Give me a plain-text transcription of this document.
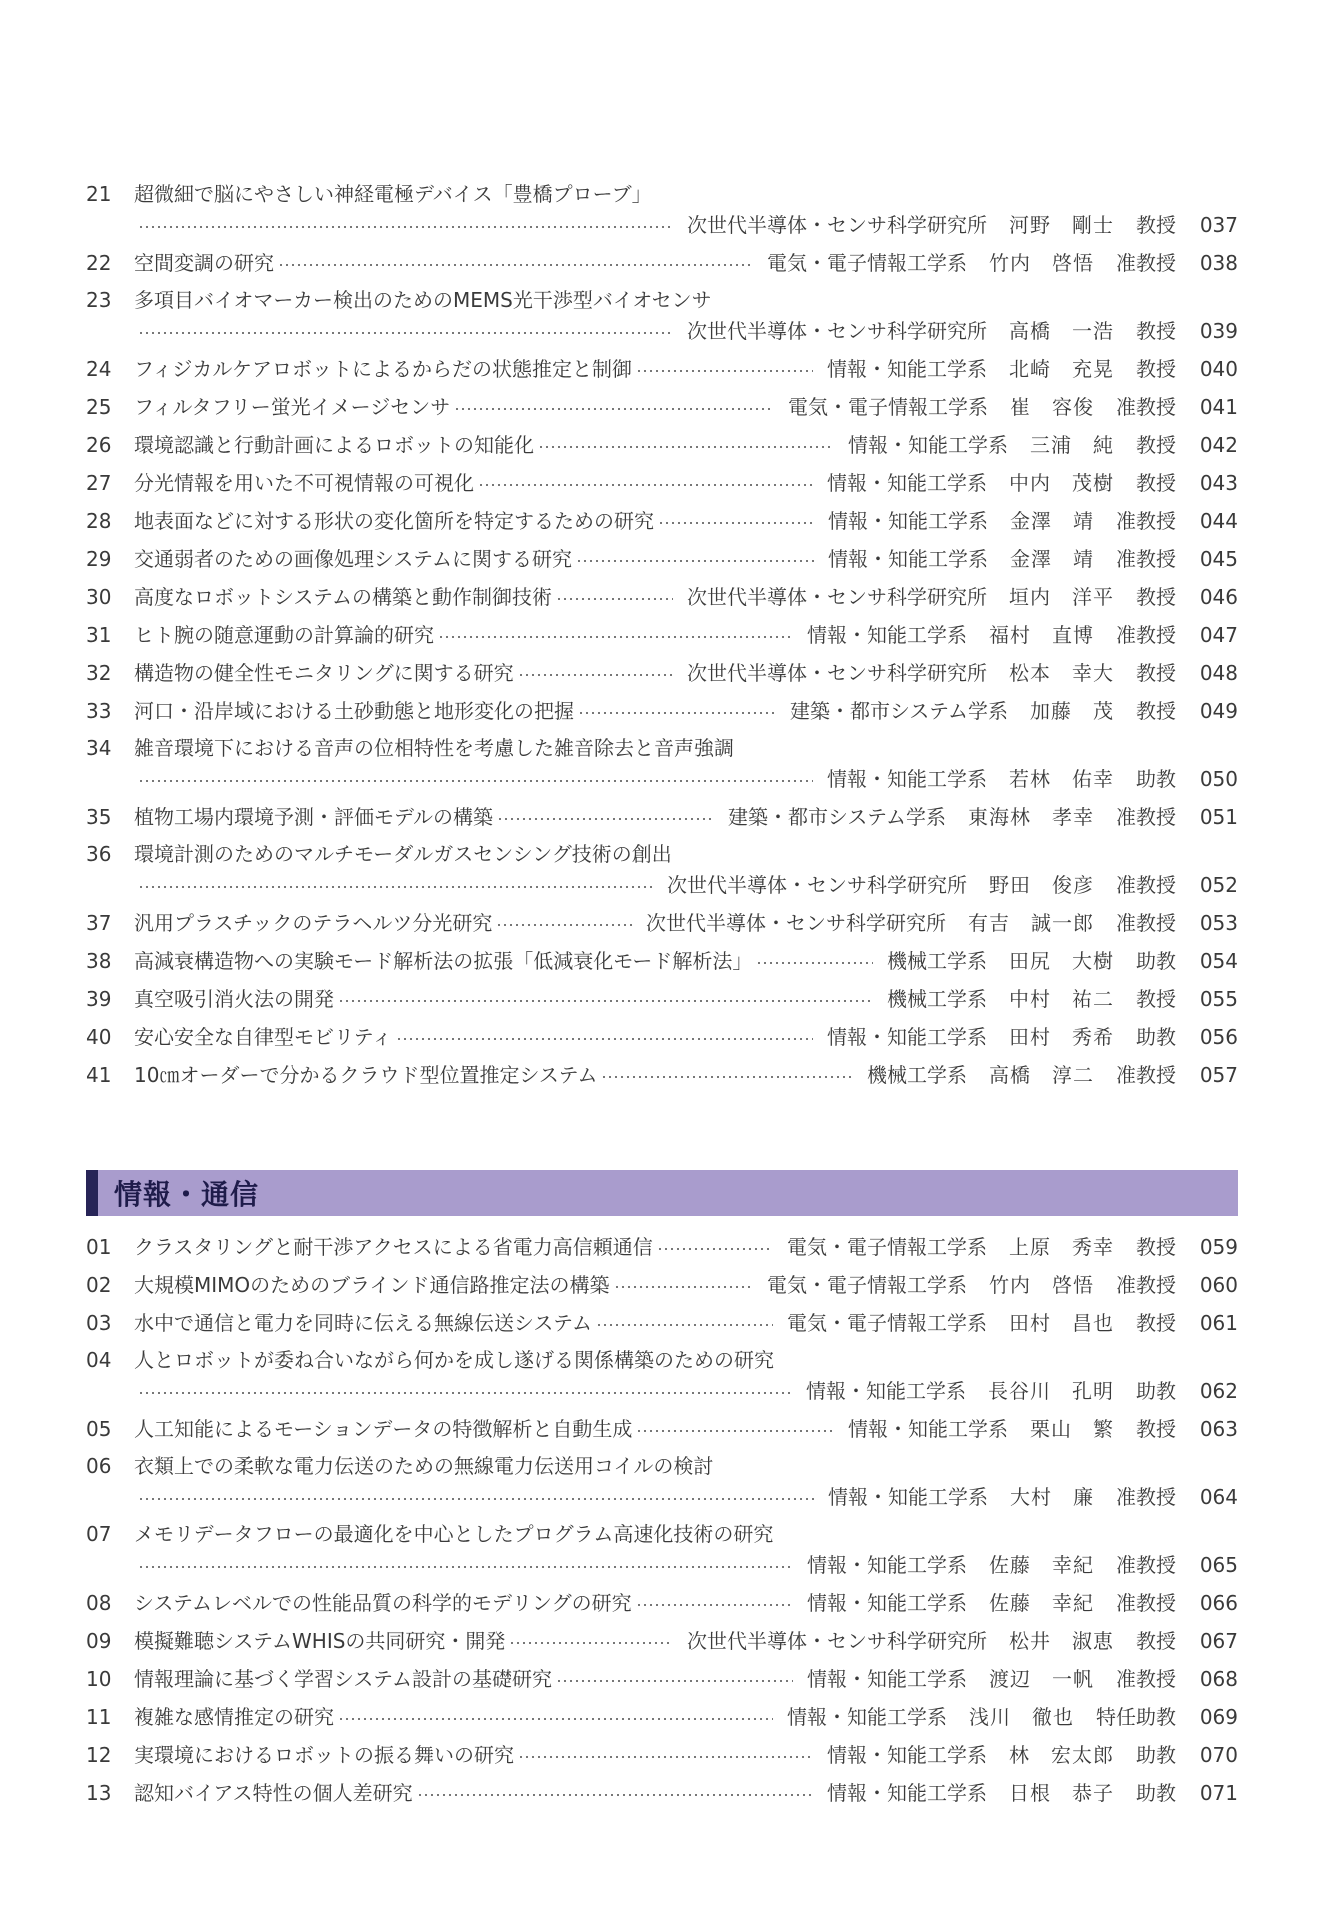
21	超微細で脳にやさしい神経電極デバイス「豊橋プローブ」
次世代半導体・センサ科学研究所 河野　剛士 教授 037
22	空間変調の研究	電気・電子情報工学系 竹内　啓悟 准教授 038
23	多項目バイオマーカー検出のためのMEMS光干渉型バイオセンサ
次世代半導体・センサ科学研究所 高橋　一浩 教授 039
24	フィジカルケアロボットによるからだの状態推定と制御	情報・知能工学系 北崎　充晃 教授 040
25	フィルタフリー蛍光イメージセンサ	電気・電子情報工学系 崔　容俊 准教授 041
26	環境認識と行動計画によるロボットの知能化	情報・知能工学系 三浦　純 教授 042
27	分光情報を用いた不可視情報の可視化	情報・知能工学系 中内　茂樹 教授 043
28	地表面などに対する形状の変化箇所を特定するための研究	情報・知能工学系 金澤　靖 准教授 044
29	交通弱者のための画像処理システムに関する研究	情報・知能工学系 金澤　靖 准教授 045
30	高度なロボットシステムの構築と動作制御技術	次世代半導体・センサ科学研究所 垣内　洋平 教授 046
31	ヒト腕の随意運動の計算論的研究	情報・知能工学系 福村　直博 准教授 047
32	構造物の健全性モニタリングに関する研究	次世代半導体・センサ科学研究所 松本　幸大 教授 048
33	河口・沿岸域における土砂動態と地形変化の把握	建築・都市システム学系 加藤　茂 教授 049
34	雑音環境下における音声の位相特性を考慮した雑音除去と音声強調
情報・知能工学系 若林　佑幸 助教 050
35	植物工場内環境予測・評価モデルの構築	建築・都市システム学系 東海林　孝幸 准教授 051
36	環境計測のためのマルチモーダルガスセンシング技術の創出
次世代半導体・センサ科学研究所 野田　俊彦 准教授 052
37	汎用プラスチックのテラヘルツ分光研究	次世代半導体・センサ科学研究所 有吉　誠一郎 准教授 053
38	高減衰構造物への実験モード解析法の拡張「低減衰化モード解析法」	機械工学系 田尻　大樹 助教 054
39	真空吸引消火法の開発	機械工学系 中村　祐二 教授 055
40	安心安全な自律型モビリティ	情報・知能工学系 田村　秀希 助教 056
41	10㎝オーダーで分かるクラウド型位置推定システム	機械工学系 高橋　淳二 准教授 057
情報・通信
01	クラスタリングと耐干渉アクセスによる省電力高信頼通信	電気・電子情報工学系 上原　秀幸 教授 059
02	大規模MIMOのためのブラインド通信路推定法の構築	電気・電子情報工学系 竹内　啓悟 准教授 060
03	水中で通信と電力を同時に伝える無線伝送システム	電気・電子情報工学系 田村　昌也 教授 061
04	人とロボットが委ね合いながら何かを成し遂げる関係構築のための研究
情報・知能工学系 長谷川　孔明 助教 062
05	人工知能によるモーションデータの特徴解析と自動生成	情報・知能工学系 栗山　繁 教授 063
06	衣類上での柔軟な電力伝送のための無線電力伝送用コイルの検討
情報・知能工学系 大村　廉 准教授 064
07	メモリデータフローの最適化を中心としたプログラム高速化技術の研究
情報・知能工学系 佐藤　幸紀 准教授 065
08	システムレベルでの性能品質の科学的モデリングの研究	情報・知能工学系 佐藤　幸紀 准教授 066
09	模擬難聴システムWHISの共同研究・開発	次世代半導体・センサ科学研究所 松井　淑恵 教授 067
10	情報理論に基づく学習システム設計の基礎研究	情報・知能工学系 渡辺　一帆 准教授 068
11	複雑な感情推定の研究	情報・知能工学系 浅川　徹也 特任助教 069
12	実環境におけるロボットの振る舞いの研究	情報・知能工学系 林　宏太郎 助教 070
13	認知バイアス特性の個人差研究	情報・知能工学系 日根　恭子 助教 071
